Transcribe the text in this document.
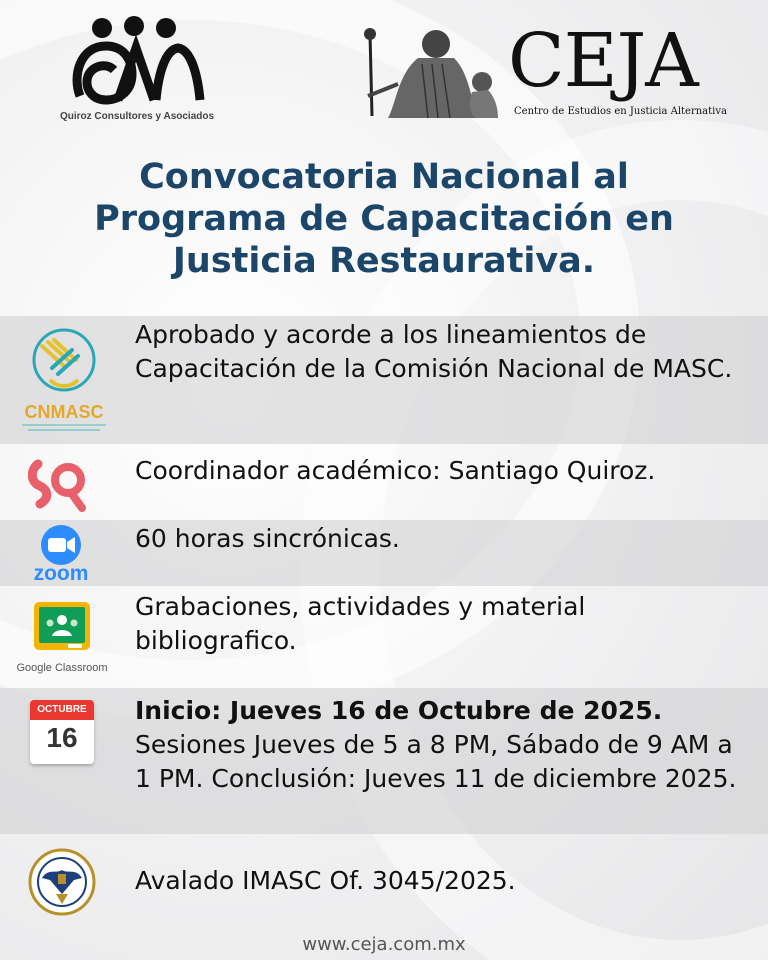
Quiroz Consultores y Asociados
CEJA
Centro de Estudios en Justicia Alternativa
Convocatoria Nacional al
Programa de Capacitación en
Justicia Restaurativa.
CNMASC
Aprobado y acorde a los lineamientos de Capacitación de la Comisión Nacional de MASC.
Coordinador académico: Santiago Quiroz.
zoom
60 horas sincrónicas.
Google Classroom
Grabaciones, actividades y material bibliografico.
OCTUBRE
16
Inicio: Jueves 16 de Octubre de 2025.
Sesiones Jueves de 5 a 8 PM, Sábado de 9 AM a 1 PM. Conclusión: Jueves 11 de diciembre 2025.
Avalado IMASC Of. 3045/2025.
www.ceja.com.mx
